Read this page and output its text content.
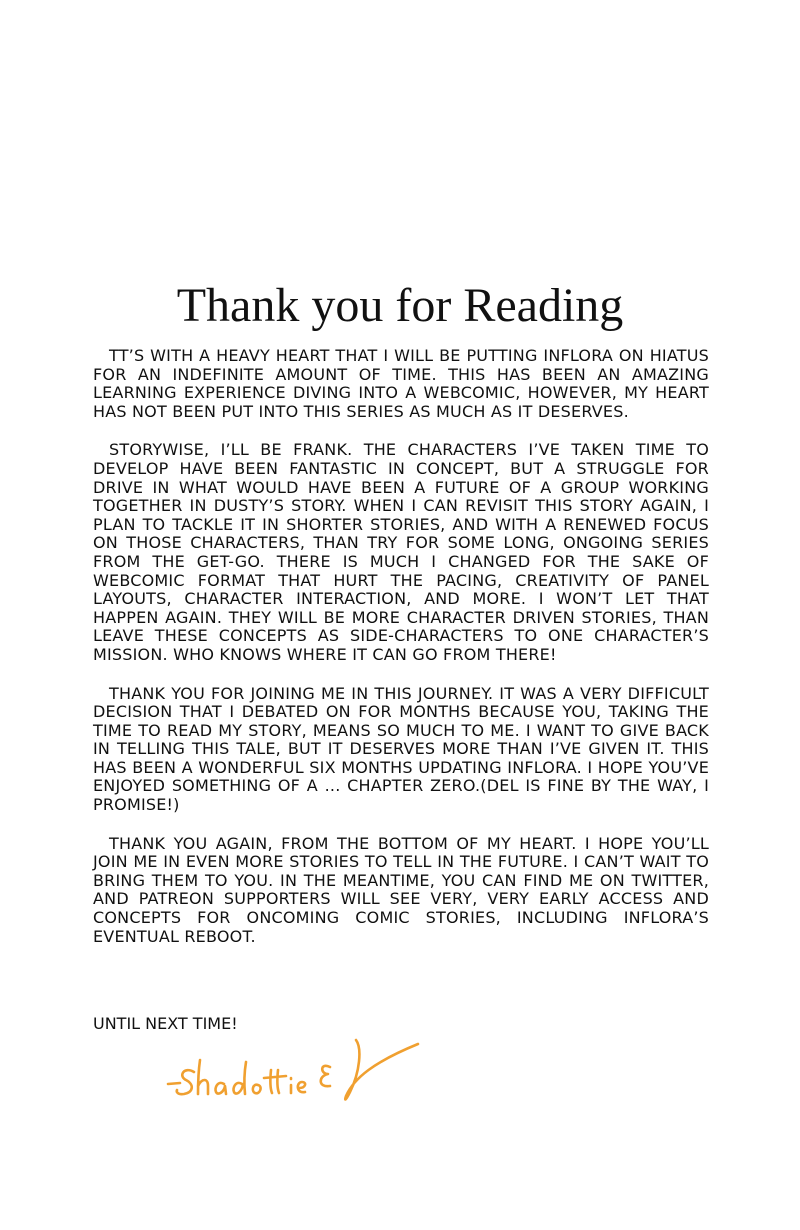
Thank you for Reading

TT’S WITH A HEAVY HEART THAT I WILL BE PUTTING INFLORA ON HIATUS FOR AN INDEFINITE AMOUNT OF TIME. THIS HAS BEEN AN AMAZING LEARNING EXPERIENCE DIVING INTO A WEBCOMIC, HOWEVER, MY HEART HAS NOT BEEN PUT INTO THIS SERIES AS MUCH AS IT DESERVES.

STORYWISE, I’LL BE FRANK. THE CHARACTERS I’VE TAKEN TIME TO DEVELOP HAVE BEEN FANTASTIC IN CONCEPT, BUT A STRUGGLE FOR DRIVE IN WHAT WOULD HAVE BEEN A FUTURE OF A GROUP WORKING TOGETHER IN DUSTY’S STORY. WHEN I CAN REVISIT THIS STORY AGAIN, I PLAN TO TACKLE IT IN SHORTER STORIES, AND WITH A RENEWED FOCUS ON THOSE CHARACTERS, THAN TRY FOR SOME LONG, ONGOING SERIES FROM THE GET-GO. THERE IS MUCH I CHANGED FOR THE SAKE OF WEBCOMIC FORMAT THAT HURT THE PACING, CREATIVITY OF PANEL LAYOUTS, CHARACTER INTERACTION, AND MORE. I WON’T LET THAT HAPPEN AGAIN. THEY WILL BE MORE CHARACTER DRIVEN STORIES, THAN LEAVE THESE CONCEPTS AS SIDE-CHARACTERS TO ONE CHARACTER’S MISSION. WHO KNOWS WHERE IT CAN GO FROM THERE!

THANK YOU FOR JOINING ME IN THIS JOURNEY. IT WAS A VERY DIFFICULT DECISION THAT I DEBATED ON FOR MONTHS BECAUSE YOU, TAKING THE TIME TO READ MY STORY, MEANS SO MUCH TO ME. I WANT TO GIVE BACK IN TELLING THIS TALE, BUT IT DESERVES MORE THAN I’VE GIVEN IT. THIS HAS BEEN A WONDERFUL SIX MONTHS UPDATING INFLORA. I HOPE YOU’VE ENJOYED SOMETHING OF A ... CHAPTER ZERO.(DEL IS FINE BY THE WAY, I PROMISE!)

THANK YOU AGAIN, FROM THE BOTTOM OF MY HEART. I HOPE YOU’LL JOIN ME IN EVEN MORE STORIES TO TELL IN THE FUTURE. I CAN’T WAIT TO BRING THEM TO YOU. IN THE MEANTIME, YOU CAN FIND ME ON TWITTER, AND PATREON SUPPORTERS WILL SEE VERY, VERY EARLY ACCESS AND CONCEPTS FOR ONCOMING COMIC STORIES, INCLUDING INFLORA’S EVENTUAL REBOOT.

UNTIL NEXT TIME!
